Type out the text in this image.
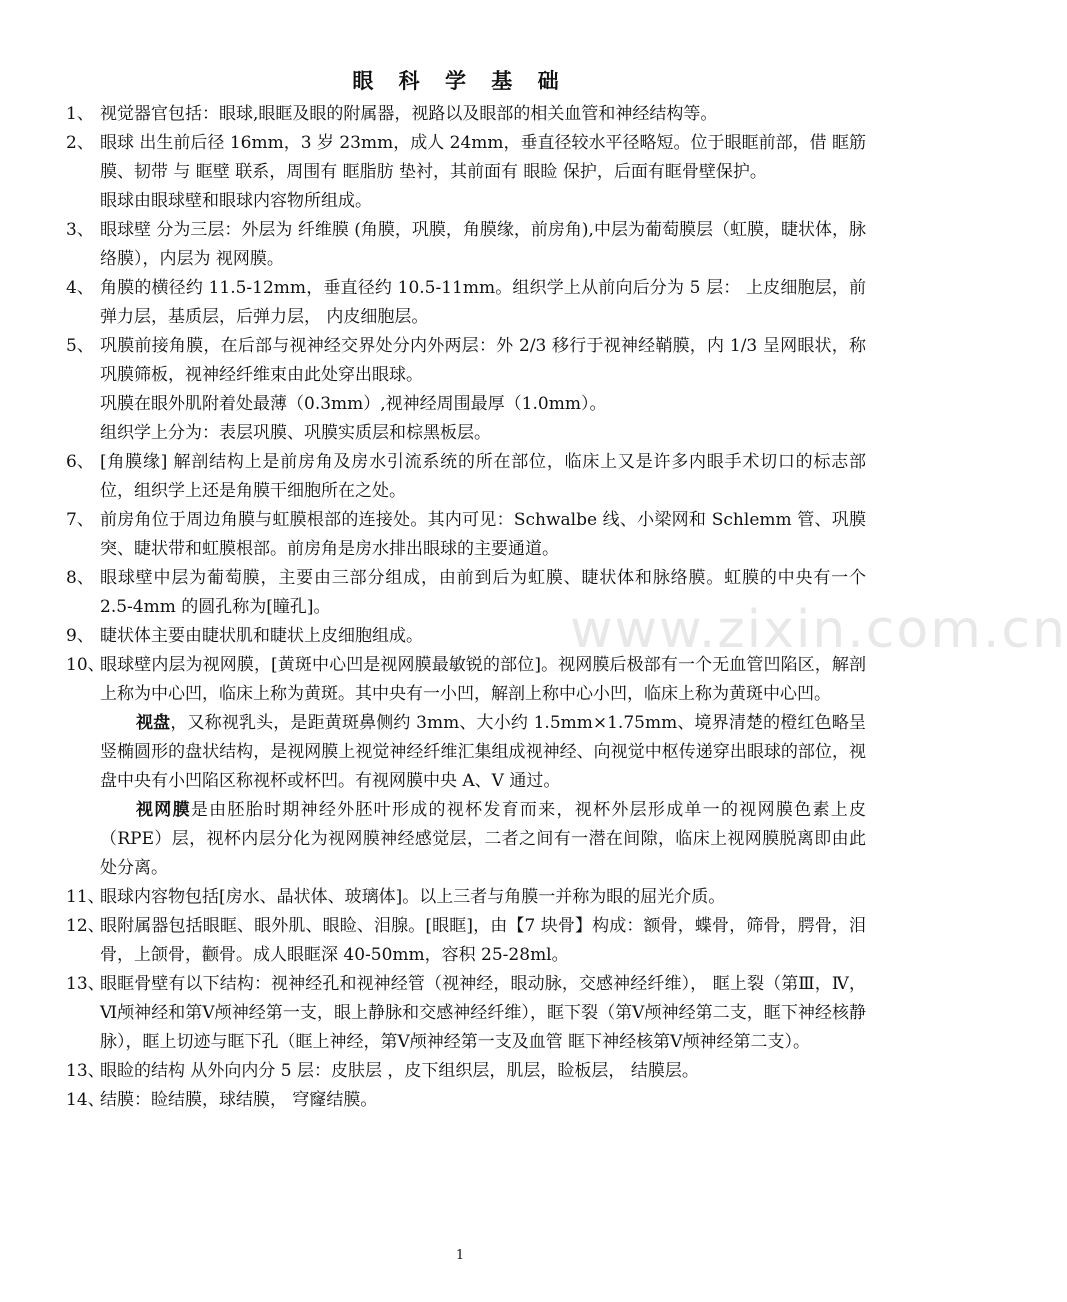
眼 科 学 基 础
1、 视觉器官包括：眼球,眼眶及眼的附属器，视路以及眼部的相关血管和神经结构等。

2、 眼球 出生前后径 16mm，3 岁 23mm，成人 24mm，垂直径较水平径略短。位于眼眶前部，借 眶筋膜、韧带 与 眶壁 联系，周围有 眶脂肪 垫衬，其前面有 眼睑 保护，后面有眶骨壁保护。

眼球由眼球壁和眼球内容物所组成。

3、 眼球壁 分为三层：外层为 纤维膜 (角膜，巩膜，角膜缘，前房角),中层为葡萄膜层（虹膜，睫状体，脉络膜），内层为 视网膜。

4、 角膜的横径约 11.5-12mm，垂直径约 10.5-11mm。组织学上从前向后分为 5 层： 上皮细胞层，前弹力层，基质层，后弹力层， 内皮细胞层。

5、 巩膜前接角膜，在后部与视神经交界处分内外两层：外 2/3 移行于视神经鞘膜，内 1/3 呈网眼状，称巩膜筛板，视神经纤维束由此处穿出眼球。

巩膜在眼外肌附着处最薄（0.3mm）,视神经周围最厚（1.0mm）。

组织学上分为：表层巩膜、巩膜实质层和棕黑板层。

6、 [角膜缘] 解剖结构上是前房角及房水引流系统的所在部位，临床上又是许多内眼手术切口的标志部位，组织学上还是角膜干细胞所在之处。

7、 前房角位于周边角膜与虹膜根部的连接处。其内可见：Schwalbe 线、小梁网和 Schlemm 管、巩膜突、睫状带和虹膜根部。前房角是房水排出眼球的主要通道。

8、 眼球壁中层为葡萄膜，主要由三部分组成，由前到后为虹膜、睫状体和脉络膜。虹膜的中央有一个 2.5-4mm 的圆孔称为[瞳孔]。

9、 睫状体主要由睫状肌和睫状上皮细胞组成。

10、

眼球壁内层为视网膜，[黄斑中心凹是视网膜最敏锐的部位]。视网膜后极部有一个无血管凹陷区，解剖上称为中心凹，临床上称为黄斑。其中央有一小凹，解剖上称中心小凹，临床上称为黄斑中心凹。

视盘，又称视乳头，是距黄斑鼻侧约 3mm、大小约 1.5mm×1.75mm、境界清楚的橙红色略呈竖椭圆形的盘状结构，是视网膜上视觉神经纤维汇集组成视神经、向视觉中枢传递穿出眼球的部位，视盘中央有小凹陷区称视杯或杯凹。有视网膜中央 A、V 通过。

视网膜是由胚胎时期神经外胚叶形成的视杯发育而来，视杯外层形成单一的视网膜色素上皮（RPE）层，视杯内层分化为视网膜神经感觉层，二者之间有一潜在间隙，临床上视网膜脱离即由此处分离。

11、

眼球内容物包括[房水、晶状体、玻璃体]。以上三者与角膜一并称为眼的屈光介质。

12、

眼附属器包括眼眶、眼外肌、眼睑、泪腺。[眼眶]，由【7 块骨】构成：额骨，蝶骨，筛骨，腭骨，泪骨，上颌骨，颧骨。成人眼眶深 40-50mm，容积 25-28ml。

13、

眼眶骨壁有以下结构：视神经孔和视神经管（视神经，眼动脉，交感神经纤维）， 眶上裂（第Ⅲ，Ⅳ，Ⅵ颅神经和第Ⅴ颅神经第一支，眼上静脉和交感神经纤维），眶下裂（第Ⅴ颅神经第二支，眶下神经核静脉），眶上切迹与眶下孔（眶上神经，第Ⅴ颅神经第一支及血管 眶下神经核第Ⅴ颅神经第二支）。

13、

眼睑的结构 从外向内分 5 层：皮肤层 ，皮下组织层，肌层，睑板层， 结膜层。

14、

结膜：睑结膜，球结膜， 穹窿结膜。

www.zixin.com.cn
1
